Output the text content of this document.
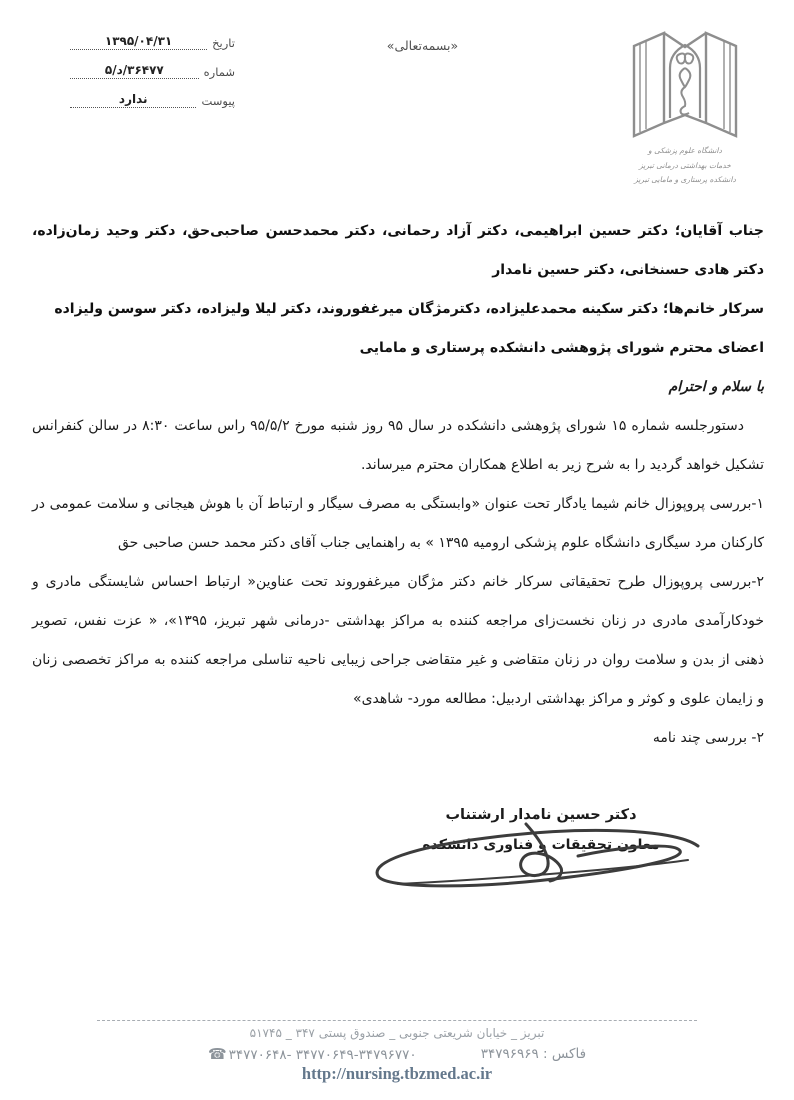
تاریخ
۱۳۹۵/۰۴/۳۱
شماره
۳۶۴۷۷/د/۵
پیوست
ندارد
«بسمه‌تعالی»
دانشگاه علوم پزشکی و
خدمات بهداشتی درمانی تبریز
دانشکده پرستاری و مامایی تبریز

جناب آقایان؛ دکتر حسین ابراهیمی، دکتر آزاد رحمانی، دکتر محمدحسن صاحبی‌حق، دکتر وحید زمان‌زاده، دکتر هادی حسنخانی، دکتر حسین نامدار

سرکار خانم‌ها؛ دکتر سکینه محمدعلیزاده، دکترمژگان میرغفوروند، دکتر لیلا ولیزاده، دکتر سوسن ولیزاده

اعضای محترم شورای پژوهشی دانشکده پرستاری و مامایی

با سلام و احترام

دستورجلسه شماره ۱۵ شورای پژوهشی دانشکده در سال ۹۵ روز شنبه مورخ ۹۵/۵/۲ راس ساعت ۸:۳۰ در سالن کنفرانس تشکیل خواهد گردید را به شرح زیر به اطلاع همکاران محترم میرساند.

۱-بررسی پروپوزال خانم شیما یادگار تحت عنوان «وابستگی به مصرف سیگار و ارتباط آن با هوش هیجانی و سلامت عمومی در کارکنان مرد سیگاری دانشگاه علوم پزشکی ارومیه ۱۳۹۵ » به راهنمایی جناب آقای دکتر محمد حسن صاحبی حق

۲-بررسی پروپوزال طرح تحقیقاتی سرکار خانم دکتر مژگان میرغفوروند تحت عناوین« ارتباط احساس شایستگی مادری و خودکارآمدی مادری در زنان نخست‌زای مراجعه کننده به مراکز بهداشتی -درمانی شهر تبریز، ۱۳۹۵»، « عزت نفس، تصویر ذهنی از بدن و سلامت روان در زنان متقاضی و غیر متقاضی جراحی زیبایی ناحیه تناسلی مراجعه کننده به مراکز تخصصی زنان و زایمان علوی و کوثر و مراکز بهداشتی اردبیل: مطالعه مورد- شاهدی»

۲- بررسی چند نامه

دکتر حسین نامدار ارشتناب

معاون تحقیقات و فناوری دانشکده

تبریز _ خیابان شریعتی جنوبی _ صندوق پستی ۳۴۷ _ ۵۱۷۴۵
☎ ۳۴۷۷۰۶۴۸- ۳۴۷۷۰۶۴۹-۳۴۷۹۶۷۷۰	فاکس : ۳۴۷۹۶۹۶۹
http://nursing.tbzmed.ac.ir
